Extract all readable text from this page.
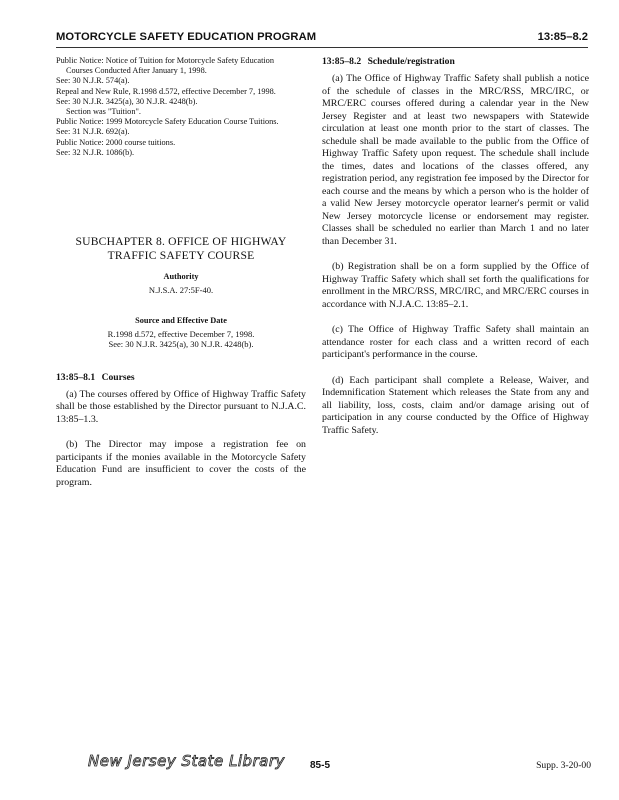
MOTORCYCLE SAFETY EDUCATION PROGRAM	13:85–8.2

Public Notice: Notice of Tuition for Motorcycle Safety Education

Courses Conducted After January 1, 1998.

See: 30 N.J.R. 574(a).

Repeal and New Rule, R.1998 d.572, effective December 7, 1998.

See: 30 N.J.R. 3425(a), 30 N.J.R. 4248(b).

Section was "Tuition".

Public Notice: 1999 Motorcycle Safety Education Course Tuitions.

See: 31 N.J.R. 692(a).

Public Notice: 2000 course tuitions.

See: 32 N.J.R. 1086(b).

SUBCHAPTER 8. OFFICE OF HIGHWAY
TRAFFIC SAFETY COURSE
Authority
N.J.S.A. 27:5F-40.
Source and Effective Date
R.1998 d.572, effective December 7, 1998.
See: 30 N.J.R. 3425(a), 30 N.J.R. 4248(b).
13:85–8.1 Courses

(a) The courses offered by Office of Highway Traffic Safety shall be those established by the Director pursuant to N.J.A.C. 13:85–1.3.

(b) The Director may impose a registration fee on participants if the monies available in the Motorcycle Safety Education Fund are insufficient to cover the costs of the program.

13:85–8.2 Schedule/registration

(a) The Office of Highway Traffic Safety shall publish a notice of the schedule of classes in the MRC/RSS, MRC/IRC, or MRC/ERC courses offered during a calendar year in the New Jersey Register and at least two newspapers with Statewide circulation at least one month prior to the start of classes. The schedule shall be made available to the public from the Office of Highway Traffic Safety upon request. The schedule shall include the times, dates and locations of the classes offered, any registration period, any registration fee imposed by the Director for each course and the means by which a person who is the holder of a valid New Jersey motorcycle operator learner's permit or valid New Jersey motorcycle license or endorsement may register. Classes shall be scheduled no earlier than March 1 and no later than December 31.

(b) Registration shall be on a form supplied by the Office of Highway Traffic Safety which shall set forth the qualifications for enrollment in the MRC/RSS, MRC/IRC, and MRC/ERC courses in accordance with N.J.A.C. 13:85–2.1.

(c) The Office of Highway Traffic Safety shall maintain an attendance roster for each class and a written record of each participant's performance in the course.

(d) Each participant shall complete a Release, Waiver, and Indemnification Statement which releases the State from any and all liability, loss, costs, claim and/or damage arising out of participation in any course conducted by the Office of Highway Traffic Safety.

New Jersey State Library	85-5	Supp. 3-20-00
